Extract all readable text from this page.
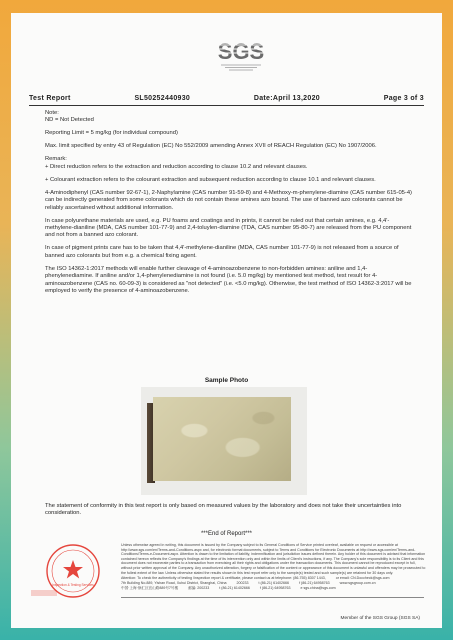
SGS
Test Report	SL50252440930	Date:April 13,2020	Page 3 of 3

Note:

ND = Not Detected

Reporting Limit = 5 mg/kg (for individual compound)

Max. limit specified by entry 43 of Regulation (EC) No 552/2009 amending Annex XVII of REACH Regulation (EC) No 1907/2006.

Remark:

+ Direct reduction refers to the extraction and reduction according to clause 10.2 and relevant clauses.

+ Colourant extraction refers to the colourant extraction and subsequent reduction according to clause 10.1 and relevant clauses.

4-Aminodiphenyl (CAS number 92-67-1), 2-Naphylamine (CAS number 91-59-8) and 4-Methoxy-m-phenylene-diamine (CAS number 615-05-4) can be indirectly generated from some colorants which do not contain these amines azo bound. The use of banned azo colorants cannot be reliably ascertained without additional information.

In case polyurethane materials are used, e.g. PU foams and coatings and in prints, it cannot be ruled out that certain amines, e.g. 4,4'-methylene-dianiline (MDA, CAS number 101-77-9) and 2,4-toluylen-diamine (TDA, CAS number 95-80-7) are released from the PU component and not from a banned azo colorant.

In case of pigment prints care has to be taken that 4,4'-methylene-dianiline (MDA, CAS number 101-77-9) is not released from a source of banned azo colorants but from e.g. a chemical fixing agent.

The ISO 14362-1:2017 methods will enable further cleavage of 4-aminoazobenzene to non-forbidden amines: aniline and 1,4-phenylenediamine. If aniline and/or 1,4-phenylenediamine is not found (i.e. 5.0 mg/kg) by mentioned test method, test result for 4-aminoazobenzene (CAS no. 60-09-3) is considered as "not detected" (i.e. <5.0 mg/kg). Otherwise, the test method of ISO 14362-3:2017 will be employed to verify the presence of 4-aminoazobenzene.

Sample Photo
The statement of conformity in this test report is only based on measured values by the laboratory and does not take their uncertainties into consideration.
***End of Report***
Inspection & Testing Services
Unless otherwise agreed in writing, this document is issued by the Company subject to its General Conditions of Service printed overleaf, available on request or accessible at http://www.sgs.com/en/Terms-and-Conditions.aspx and, for electronic format documents, subject to Terms and Conditions for Electronic Documents at http://www.sgs.com/en/Terms-and-Conditions/Terms-e-Document.aspx. Attention is drawn to the limitation of liability, indemnification and jurisdiction issues defined therein. Any holder of this document is advised that information contained hereon reflects the Company's findings at the time of its intervention only and within the limits of Client's instructions, if any. The Company's sole responsibility is to its Client and this document does not exonerate parties to a transaction from exercising all their rights and obligations under the transaction documents. This document cannot be reproduced except in full, without prior written approval of the Company. Any unauthorized alteration, forgery or falsification of the content or appearance of this document is unlawful and offenders may be prosecuted to the fullest extent of the law. Unless otherwise stated the results shown in this test report refer only to the sample(s) tested and such sample(s) are retained for 30 days only.
Attention: To check the authenticity of testing /inspection report & certificate, please contact us at telephone: (86-755) 8307 1443,	or email: CN.Doccheck@sgs.com
7th Building No.889, Yishan Road, Xuhui District, Shanghai, China	200233	t (86-21) 61402666	f (86-21) 64958763	www.sgsgroup.com.cn
中国·上海·徐汇区宜山路889号7号楼	邮编: 200233	t (86-21) 61402666	f (86-21) 64958763	e sgs.china@sgs.com
Member of the SGS Group (SGS SA)
